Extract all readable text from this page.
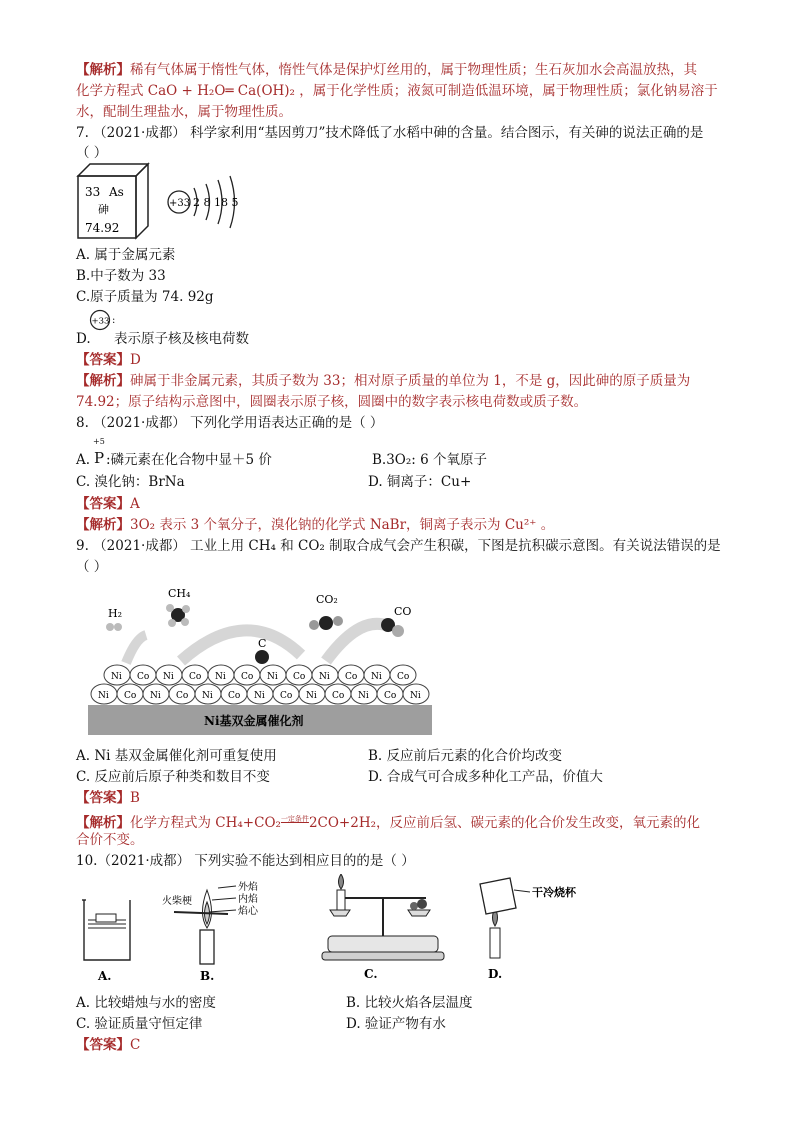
【解析】稀有气体属于惰性气体，惰性气体是保护灯丝用的，属于物理性质；生石灰加水会高温放热，其
化学方程式 CaO + H₂O═ Ca(OH)₂ ，属于化学性质；液氮可制造低温环境，属于物理性质；氯化钠易溶于
水，配制生理盐水，属于物理性质。
7. （2021·成都） 科学家利用“基因剪刀”技术降低了水稻中砷的含量。结合图示，有关砷的说法正确的是
（ ）
33 As
砷
74.92
+33 2 8 18 5
A. 属于金属元素
B.中子数为 33
C.原子质量为 74. 92g
+33 :
D. 表示原子核及核电荷数
【答案】D
【解析】砷属于非金属元素，其质子数为 33；相对原子质量的单位为 1，不是 g，因此砷的原子质量为
74.92；原子结构示意图中，圆圈表示原子核，圆圈中的数字表示核电荷数或质子数。
8. （2021·成都） 下列化学用语表达正确的是（ ）
A.
+5
P :磷元素在化合物中显＋5 价	B.3O₂: 6 个氧原子
C. 溴化钠：BrNa	D. 铜离子：Cu+
【答案】A
【解析】3O₂ 表示 3 个氧分子，溴化钠的化学式 NaBr，铜离子表示为 Cu²⁺ 。
9. （2021·成都） 工业上用 CH₄ 和 CO₂ 制取合成气会产生积碳，下图是抗积碳示意图。有关说法错误的是
（ ）
H₂
CH₄	CO₂
CO
C
Ni基双金属催化剂
Ni Co Ni Co Ni Co Ni Co Ni Co Ni Co Ni
Ni Co Ni Co Ni Co Ni Co Ni Co Ni Co
A. Ni 基双金属催化剂可重复使用	B. 反应前后元素的化合价均改变
C. 反应前后原子种类和数目不变	D. 合成气可合成多种化工产品，价值大
【答案】B
【解析】化学方程式为 CH₄+CO₂$^{一定条件}$2CO+2H₂，反应前后氢、碳元素的化合价发生改变，氧元素的化
合价不变。
10.（2021·成都） 下列实验不能达到相应目的的是（ ）
A.
火柴梗
外焰
内焰
焰心
B.	C.
干冷烧杯
D.
A. 比较蜡烛与水的密度	B. 比较火焰各层温度
C. 验证质量守恒定律	D. 验证产物有水
【答案】C
